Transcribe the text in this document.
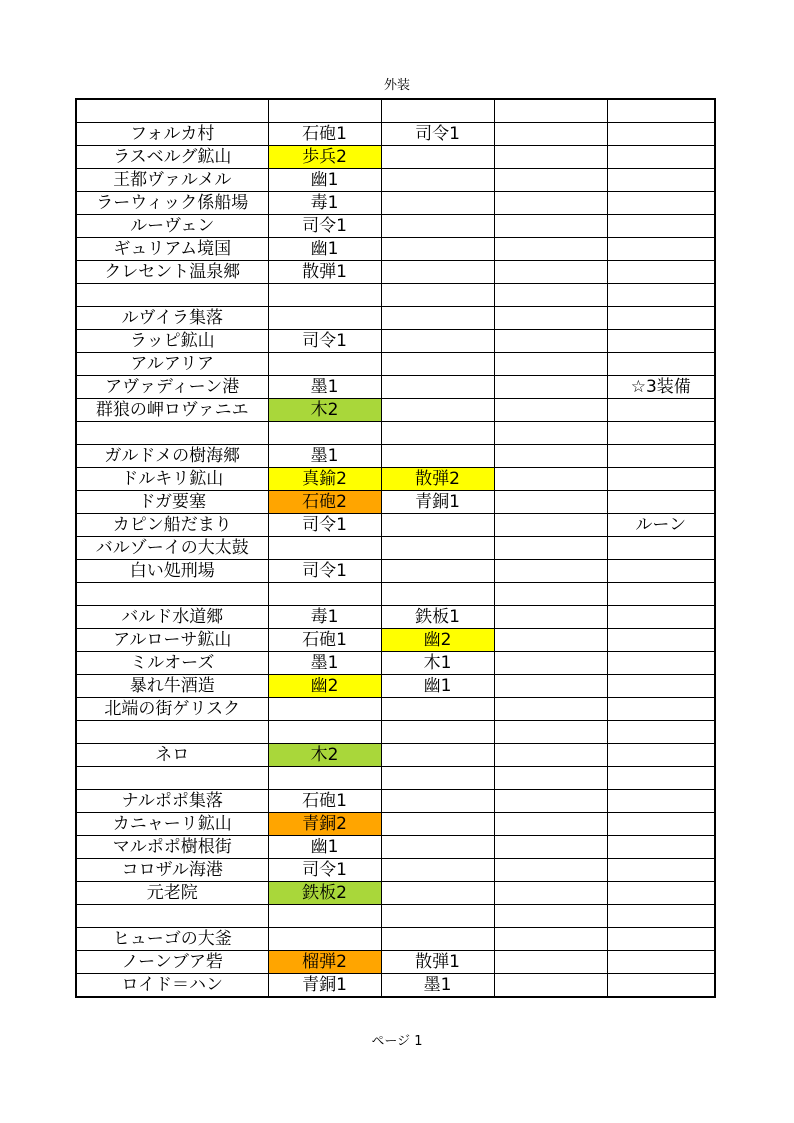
外装

フォルカ村	石砲1	司令1		
ラスベルグ鉱山	歩兵2			
王都ヴァルメル	幽1			
ラーウィック係船場	毒1			
ルーヴェン	司令1			
ギュリアム境国	幽1			
クレセント温泉郷	散弾1			

ルヴイラ集落				
ラッピ鉱山	司令1			
アルアリア				
アヴァディーン港	墨1			☆3装備
群狼の岬ロヴァニエ	木2			

ガルドメの樹海郷	墨1			
ドルキリ鉱山	真鍮2	散弾2		
ドガ要塞	石砲2	青銅1		
カピン船だまり	司令1			ルーン
バルゾーイの大太鼓				
白い処刑場	司令1			

バルド水道郷	毒1	鉄板1		
アルローサ鉱山	石砲1	幽2		
ミルオーズ	墨1	木1		
暴れ牛酒造	幽2	幽1		
北端の街ゲリスク				

ネロ	木2			

ナルポポ集落	石砲1			
カニャーリ鉱山	青銅2			
マルポポ樹根街	幽1			
コロザル海港	司令1			
元老院	鉄板2			

ヒューゴの大釜				
ノーンブア砦	榴弾2	散弾1		
ロイド＝ハン	青銅1	墨1		
ページ 1
